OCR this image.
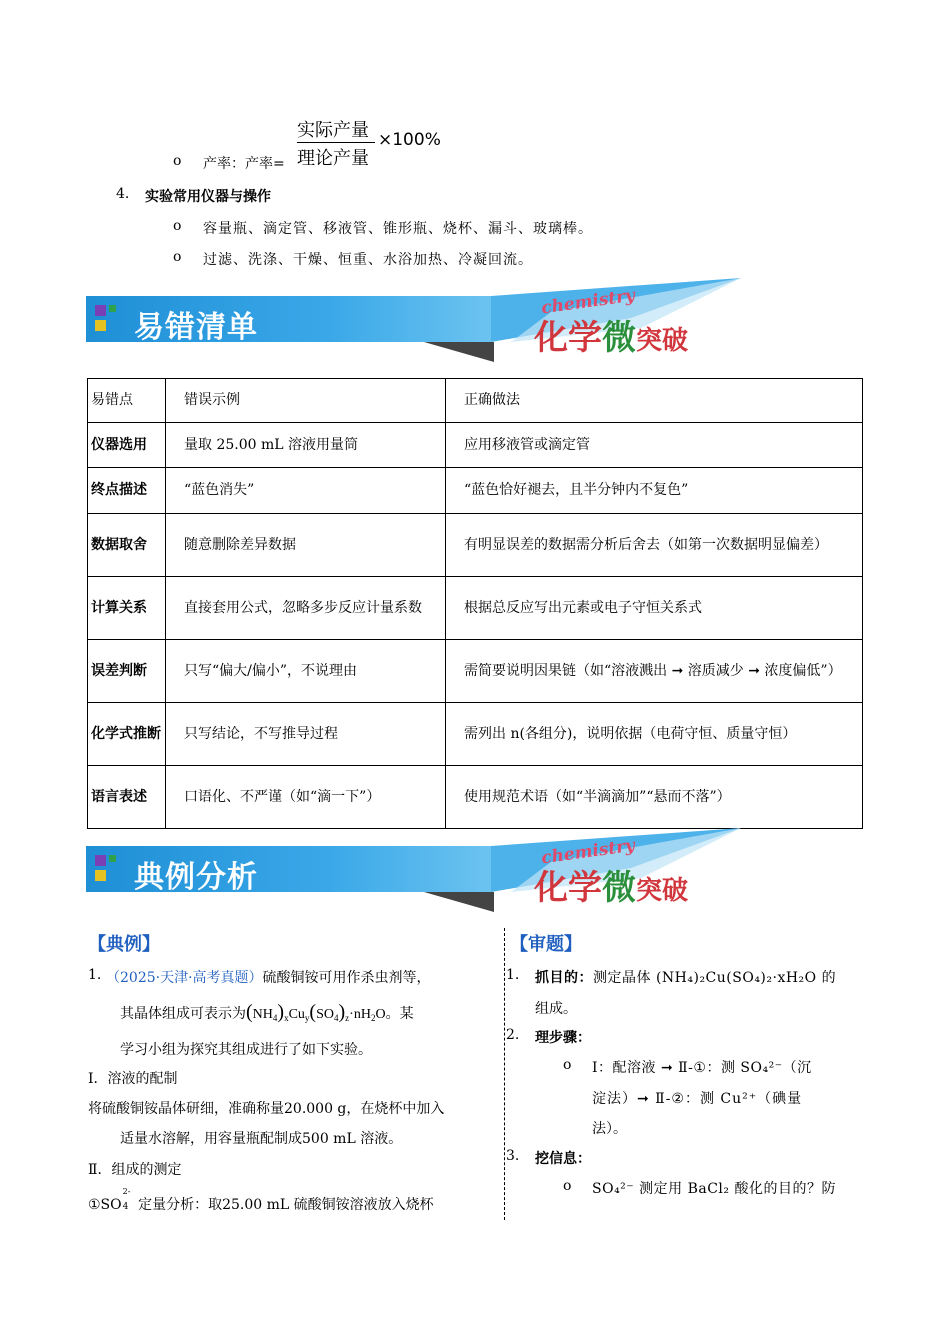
实际产量
理论产量
×100%
o 产率：产率=
4. 实验常用仪器与操作
o 容量瓶、滴定管、移液管、锥形瓶、烧杯、漏斗、玻璃棒。
o 过滤、洗涤、干燥、恒重、水浴加热、冷凝回流。
易错清单
chemistry
化学微突破
易错点	错误示例	正确做法
仪器选用	量取 25.00 mL 溶液用量筒	应用移液管或滴定管
终点描述	“蓝色消失”	“蓝色恰好褪去，且半分钟内不复色”
数据取舍	随意删除差异数据	有明显误差的数据需分析后舍去（如第一次数据明显偏差）
计算关系	直接套用公式，忽略多步反应计量系数	根据总反应写出元素或电子守恒关系式
误差判断	只写“偏大/偏小”，不说理由	需简要说明因果链（如“溶液溅出 ➞ 溶质减少 ➞ 浓度偏低”）
化学式推断	只写结论，不写推导过程	需列出 n(各组分)，说明依据（电荷守恒、质量守恒）
语言表述	口语化、不严谨（如“滴一下”）	使用规范术语（如“半滴滴加”“悬而不落”）
典例分析
chemistry
化学微突破
【典例】
1. （2025·天津·高考真题）硫酸铜铵可用作杀虫剂等，
其晶体组成可表示为$(NH_4)_xCu_y(SO_4)_z\cdot nH_2O$。某
学习小组为探究其组成进行了如下实验。
Ⅰ．溶液的配制
将硫酸铜铵晶体研细，准确称量20.000 g，在烧杯中加入
适量水溶解，用容量瓶配制成500 mL 溶液。
Ⅱ．组成的测定
①SO
2-
4 定量分析：取25.00 mL 硫酸铜铵溶液放入烧杯
【审题】
1. 抓目的：测定晶体 (NH₄)₂Cu(SO₄)₂·xH₂O 的
组成。
2. 理步骤：
o Ⅰ：配溶液 ➞ Ⅱ-①：测 SO₄²⁻（沉
淀法）➞ Ⅱ-②：测 Cu²⁺（碘量
法）。
3. 挖信息：
o SO₄²⁻ 测定用 BaCl₂ 酸化的目的？防
